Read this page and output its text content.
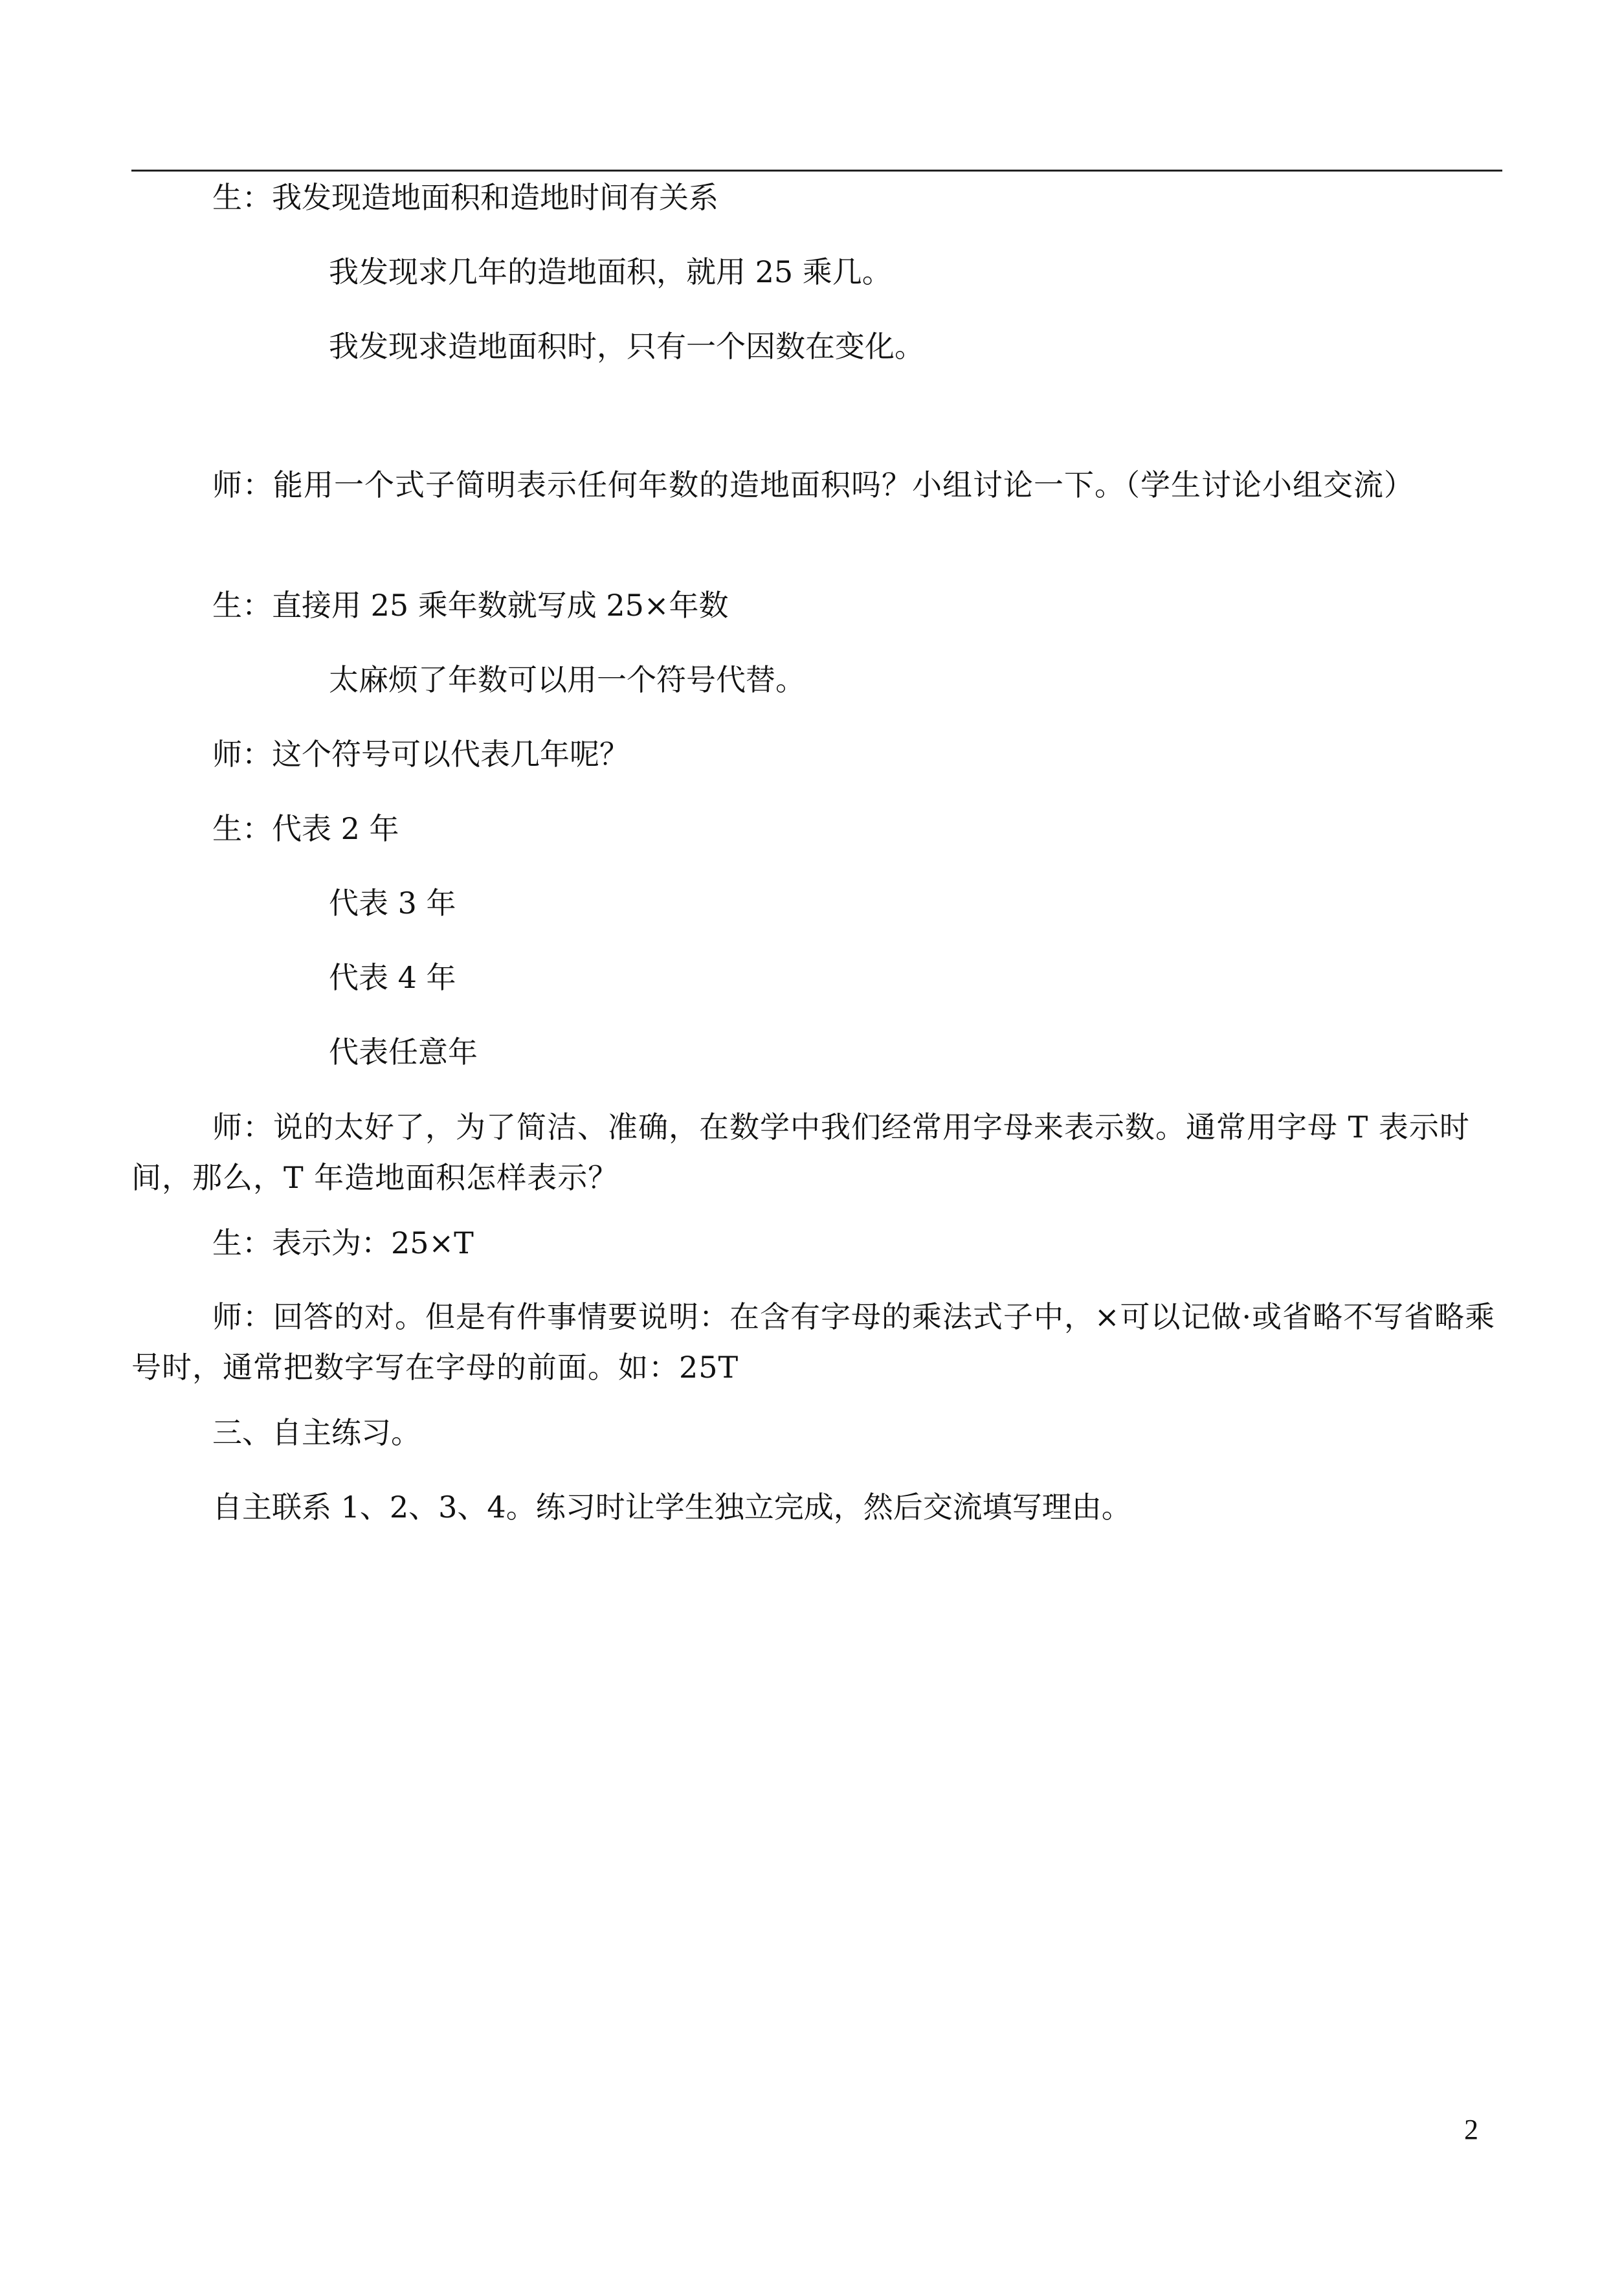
生：我发现造地面积和造地时间有关系
我发现求几年的造地面积，就用 25 乘几。
我发现求造地面积时，只有一个因数在变化。
师：能用一个式子简明表示任何年数的造地面积吗？小组讨论一下。（学生讨论小组交流）
生：直接用 25 乘年数就写成 25×年数
太麻烦了年数可以用一个符号代替。
师：这个符号可以代表几年呢？
生：代表 2 年
代表 3 年
代表 4 年
代表任意年
师：说的太好了，为了简洁、准确，在数学中我们经常用字母来表示数。通常用字母 T 表示时间，那么，T 年造地面积怎样表示？
生：表示为：25×T
师：回答的对。但是有件事情要说明：在含有字母的乘法式子中，×可以记做·或省略不写省略乘号时，通常把数字写在字母的前面。如：25T
三、自主练习。
自主联系 1、2、3、4。练习时让学生独立完成，然后交流填写理由。
2
